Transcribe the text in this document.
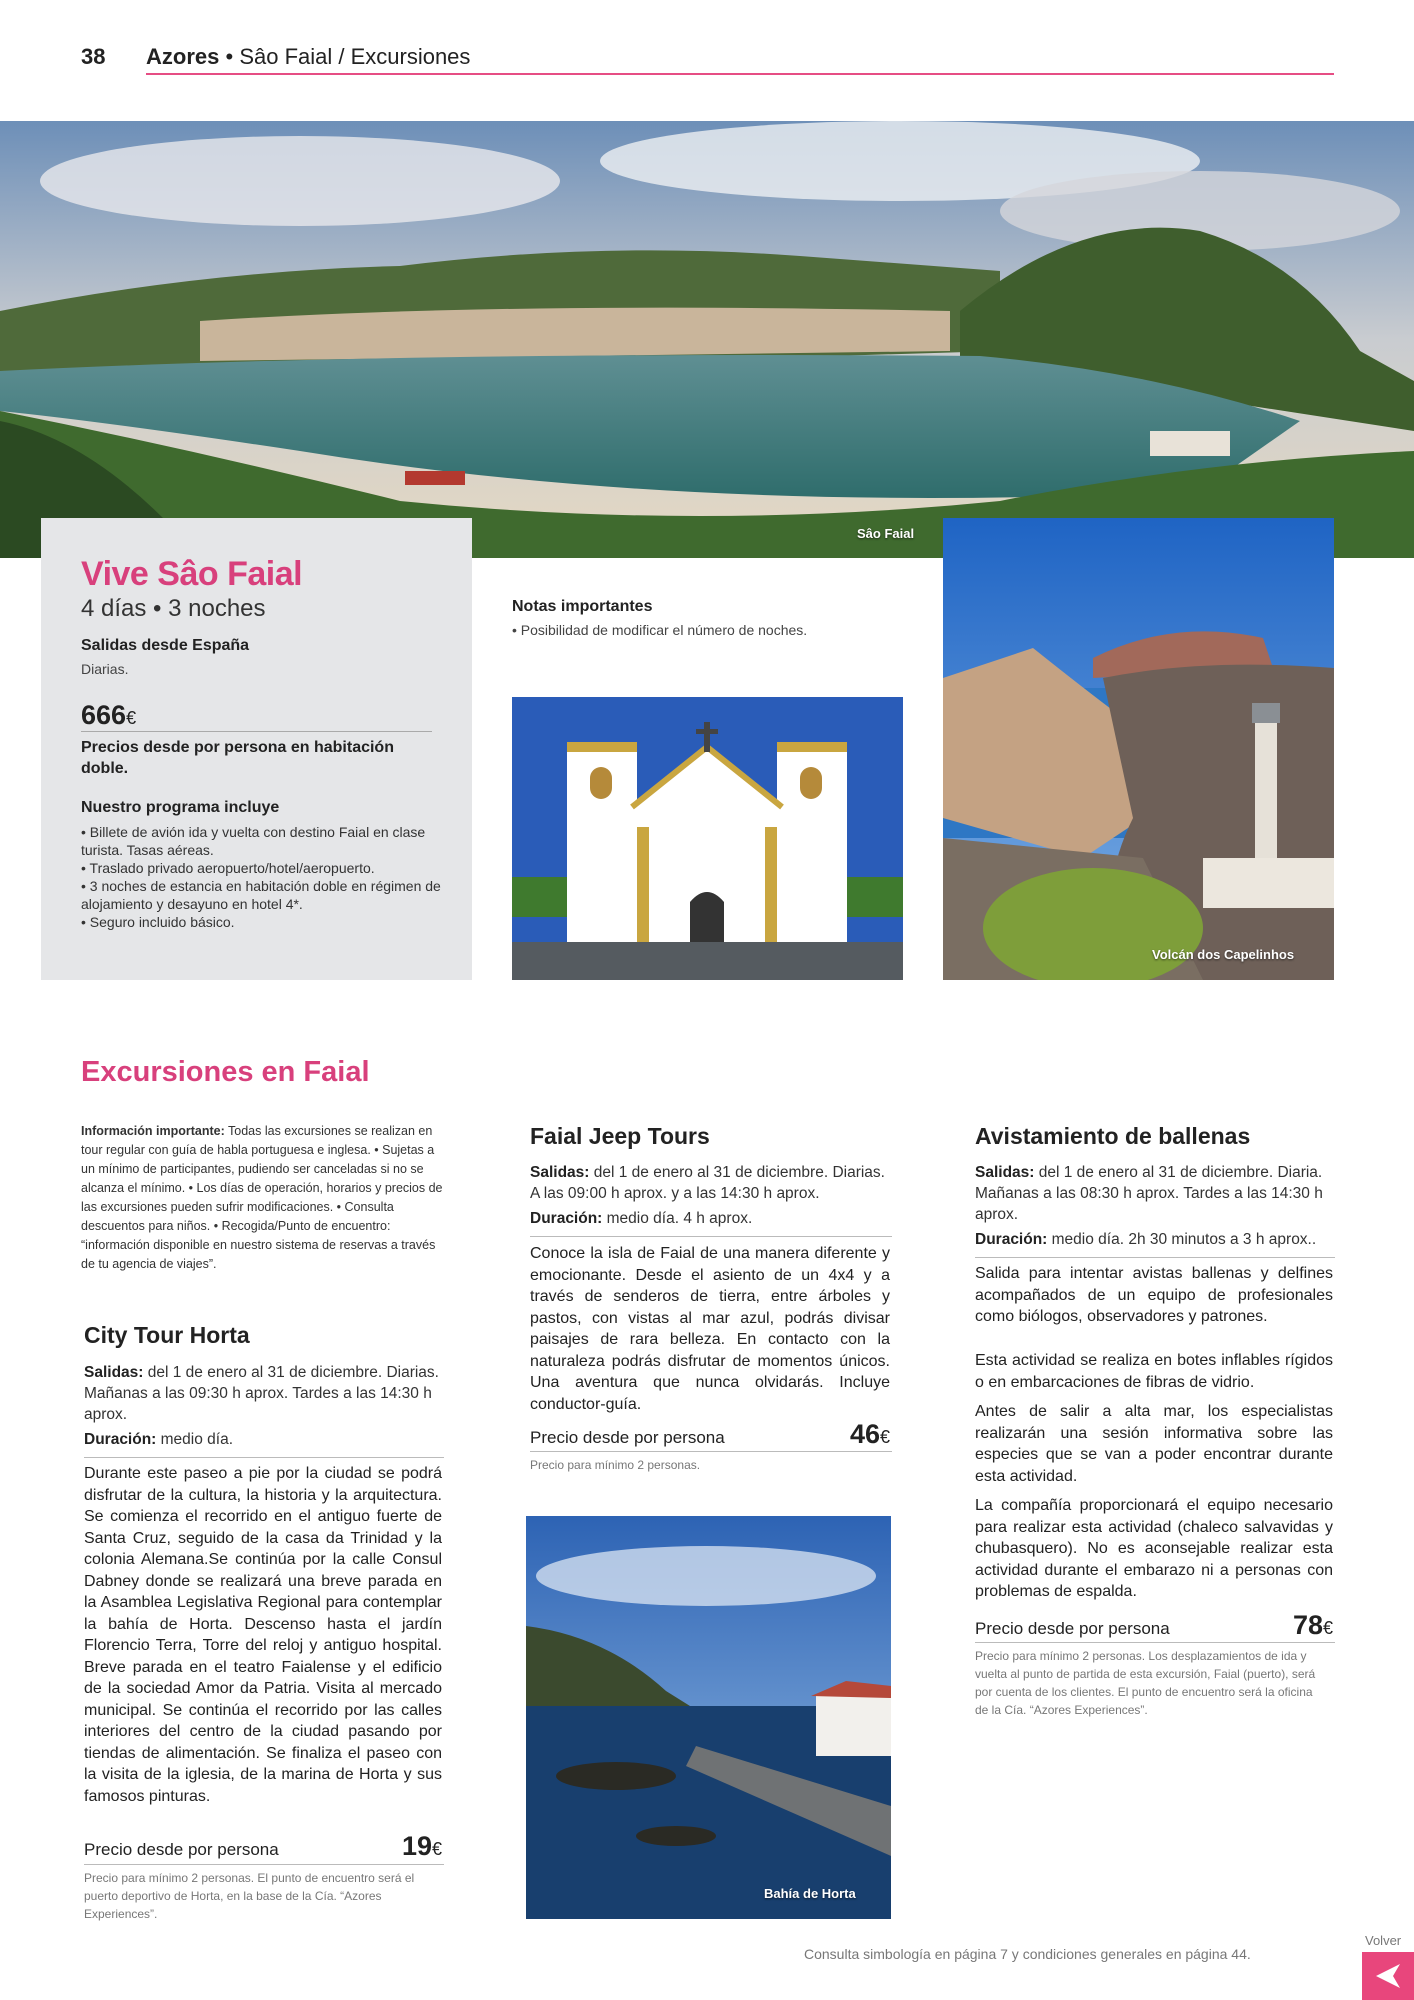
38 Azores • Sâo Faial / Excursiones
Sâo Faial
Vive Sâo Faial
4 días • 3 noches
Salidas desde España
Diarias.
666€
Precios desde por persona en habitación doble.
Nuestro programa incluye
• Billete de avión ida y vuelta con destino Faial en clase turista. Tasas aéreas.
• Traslado privado aeropuerto/hotel/aeropuerto.
• 3 noches de estancia en habitación doble en régimen de alojamiento y desayuno en hotel 4*.
• Seguro incluido básico.
Notas importantes
• Posibilidad de modificar el número de noches.
Volcán dos Capelinhos
Excursiones en Faial
Información importante: Todas las excursiones se realizan en tour regular con guía de habla portuguesa e inglesa. • Sujetas a un mínimo de participantes, pudiendo ser canceladas si no se alcanza el mínimo. • Los días de operación, horarios y precios de las excursiones pueden sufrir modificaciones. • Consulta descuentos para niños. • Recogida/Punto de encuentro: “información disponible en nuestro sistema de reservas a través de tu agencia de viajes”.
City Tour Horta
Salidas: del 1 de enero al 31 de diciembre. Diarias. Mañanas a las 09:30 h aprox. Tardes a las 14:30 h aprox.
Duración: medio día.
Durante este paseo a pie por la ciudad se podrá disfrutar de la cultura, la historia y la arquitectura. Se comienza el recorrido en el antiguo fuerte de Santa Cruz, seguido de la casa da Trinidad y la colonia Alemana.Se continúa por la calle Consul Dabney donde se realizará una breve parada en la Asamblea Legislativa Regional para contemplar la bahía de Horta. Descenso hasta el jardín Florencio Terra, Torre del reloj y antiguo hospital. Breve parada en el teatro Faialense y el edificio de la sociedad Amor da Patria. Visita al mercado municipal. Se continúa el recorrido por las calles interiores del centro de la ciudad pasando por tiendas de alimentación. Se finaliza el paseo con la visita de la iglesia, de la marina de Horta y sus famosos pinturas.
Precio desde por persona	19€
Precio para mínimo 2 personas. El punto de encuentro será el puerto deportivo de Horta, en la base de la Cía. “Azores Experiences”.
Faial Jeep Tours
Salidas: del 1 de enero al 31 de diciembre. Diarias. A las 09:00 h aprox. y a las 14:30 h aprox.
Duración: medio día. 4 h aprox.
Conoce la isla de Faial de una manera diferente y emocionante. Desde el asiento de un 4x4 y a través de senderos de tierra, entre árboles y pastos, con vistas al mar azul, podrás divisar paisajes de rara belleza. En contacto con la naturaleza podrás disfrutar de momentos únicos. Una aventura que nunca olvidarás. Incluye conductor-guía.
Precio desde por persona	46€
Precio para mínimo 2 personas.
Bahía de Horta
Avistamiento de ballenas
Salidas: del 1 de enero al 31 de diciembre. Diaria. Mañanas a las 08:30 h aprox. Tardes a las 14:30 h aprox.
Duración: medio día. 2h 30 minutos a 3 h aprox..
Salida para intentar avistas ballenas y delfines acompañados de un equipo de profesionales como biólogos, observadores y patrones.
Esta actividad se realiza en botes inflables rígidos o en embarcaciones de fibras de vidrio.
Antes de salir a alta mar, los especialistas realizarán una sesión informativa sobre las especies que se van a poder encontrar durante esta actividad.
La compañía proporcionará el equipo necesario para realizar esta actividad (chaleco salvavidas y chubasquero). No es aconsejable realizar esta actividad durante el embarazo ni a personas con problemas de espalda.
Precio desde por persona	78€
Precio para mínimo 2 personas. Los desplazamientos de ida y vuelta al punto de partida de esta excursión, Faial (puerto), será por cuenta de los clientes. El punto de encuentro será la oficina de la Cía. “Azores Experiences”.
Consulta simbología en página 7 y condiciones generales en página 44.
Volver
